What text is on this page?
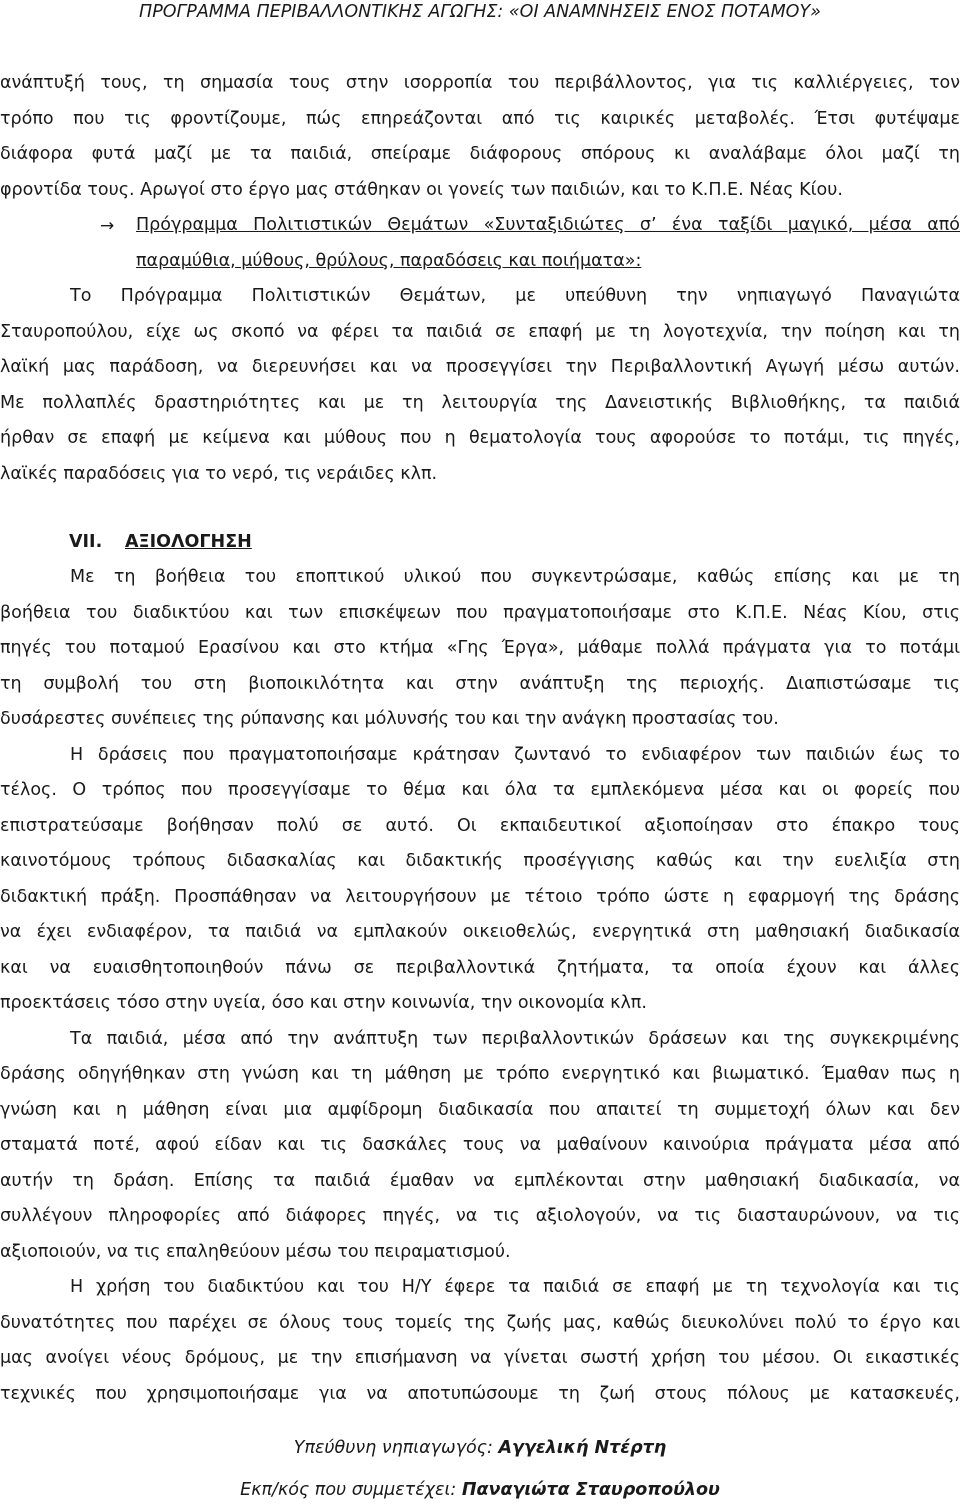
ΠΡΟΓΡΑΜΜΑ ΠΕΡΙΒΑΛΛΟΝΤΙΚΗΣ ΑΓΩΓΗΣ: «ΟΙ ΑΝΑΜΝΗΣΕΙΣ ΕΝΟΣ ΠΟΤΑΜΟΥ»
ανάπτυξή τους, τη σημασία τους στην ισορροπία του περιβάλλοντος, για τις καλλιέργειες, τον
τρόπο που τις φροντίζουμε, πώς επηρεάζονται από τις καιρικές μεταβολές. Έτσι φυτέψαμε
διάφορα φυτά μαζί με τα παιδιά, σπείραμε διάφορους σπόρους κι αναλάβαμε όλοι μαζί τη
φροντίδα τους. Αρωγοί στο έργο μας στάθηκαν οι γονείς των παιδιών, και το Κ.Π.Ε. Νέας Κίου.
→	Πρόγραμμα Πολιτιστικών Θεμάτων «Συνταξιδιώτες σ’ ένα ταξίδι μαγικό, μέσα από
παραμύθια, μύθους, θρύλους, παραδόσεις και ποιήματα»:
Το Πρόγραμμα Πολιτιστικών Θεμάτων, με υπεύθυνη την νηπιαγωγό Παναγιώτα
Σταυροπούλου, είχε ως σκοπό να φέρει τα παιδιά σε επαφή με τη λογοτεχνία, την ποίηση και τη
λαϊκή μας παράδοση, να διερευνήσει και να προσεγγίσει την Περιβαλλοντική Αγωγή μέσω αυτών.
Με πολλαπλές δραστηριότητες και με τη λειτουργία της Δανειστικής Βιβλιοθήκης, τα παιδιά
ήρθαν σε επαφή με κείμενα και μύθους που η θεματολογία τους αφορούσε το ποτάμι, τις πηγές,
λαϊκές παραδόσεις για το νερό, τις νεράιδες κλπ.
VII. ΑΞΙΟΛΟΓΗΣΗ
Με τη βοήθεια του εποπτικού υλικού που συγκεντρώσαμε, καθώς επίσης και με τη
βοήθεια του διαδικτύου και των επισκέψεων που πραγματοποιήσαμε στο Κ.Π.Ε. Νέας Κίου, στις
πηγές του ποταμού Ερασίνου και στο κτήμα «Γης Έργα», μάθαμε πολλά πράγματα για το ποτάμι
τη συμβολή του στη βιοποικιλότητα και στην ανάπτυξη της περιοχής. Διαπιστώσαμε τις
δυσάρεστες συνέπειες της ρύπανσης και μόλυνσής του και την ανάγκη προστασίας του.
Η δράσεις που πραγματοποιήσαμε κράτησαν ζωντανό το ενδιαφέρον των παιδιών έως το
τέλος. Ο τρόπος που προσεγγίσαμε το θέμα και όλα τα εμπλεκόμενα μέσα και οι φορείς που
επιστρατεύσαμε βοήθησαν πολύ σε αυτό. Οι εκπαιδευτικοί αξιοποίησαν στο έπακρο τους
καινοτόμους τρόπους διδασκαλίας και διδακτικής προσέγγισης καθώς και την ευελιξία στη
διδακτική πράξη. Προσπάθησαν να λειτουργήσουν με τέτοιο τρόπο ώστε η εφαρμογή της δράσης
να έχει ενδιαφέρον, τα παιδιά να εμπλακούν οικειοθελώς, ενεργητικά στη μαθησιακή διαδικασία
και να ευαισθητοποιηθούν πάνω σε περιβαλλοντικά ζητήματα, τα οποία έχουν και άλλες
προεκτάσεις τόσο στην υγεία, όσο και στην κοινωνία, την οικονομία κλπ.
Τα παιδιά, μέσα από την ανάπτυξη των περιβαλλοντικών δράσεων και της συγκεκριμένης
δράσης οδηγήθηκαν στη γνώση και τη μάθηση με τρόπο ενεργητικό και βιωματικό. Έμαθαν πως η
γνώση και η μάθηση είναι μια αμφίδρομη διαδικασία που απαιτεί τη συμμετοχή όλων και δεν
σταματά ποτέ, αφού είδαν και τις δασκάλες τους να μαθαίνουν καινούρια πράγματα μέσα από
αυτήν τη δράση. Επίσης τα παιδιά έμαθαν να εμπλέκονται στην μαθησιακή διαδικασία, να
συλλέγουν πληροφορίες από διάφορες πηγές, να τις αξιολογούν, να τις διασταυρώνουν, να τις
αξιοποιούν, να τις επαληθεύουν μέσω του πειραματισμού.
Η χρήση του διαδικτύου και του Η/Υ έφερε τα παιδιά σε επαφή με τη τεχνολογία και τις
δυνατότητες που παρέχει σε όλους τους τομείς της ζωής μας, καθώς διευκολύνει πολύ το έργο και
μας ανοίγει νέους δρόμους, με την επισήμανση να γίνεται σωστή χρήση του μέσου. Οι εικαστικές
τεχνικές που χρησιμοποιήσαμε για να αποτυπώσουμε τη ζωή στους πόλους με κατασκευές,
Υπεύθυνη νηπιαγωγός: Αγγελική Ντέρτη
Εκπ/κός που συμμετέχει: Παναγιώτα Σταυροπούλου
